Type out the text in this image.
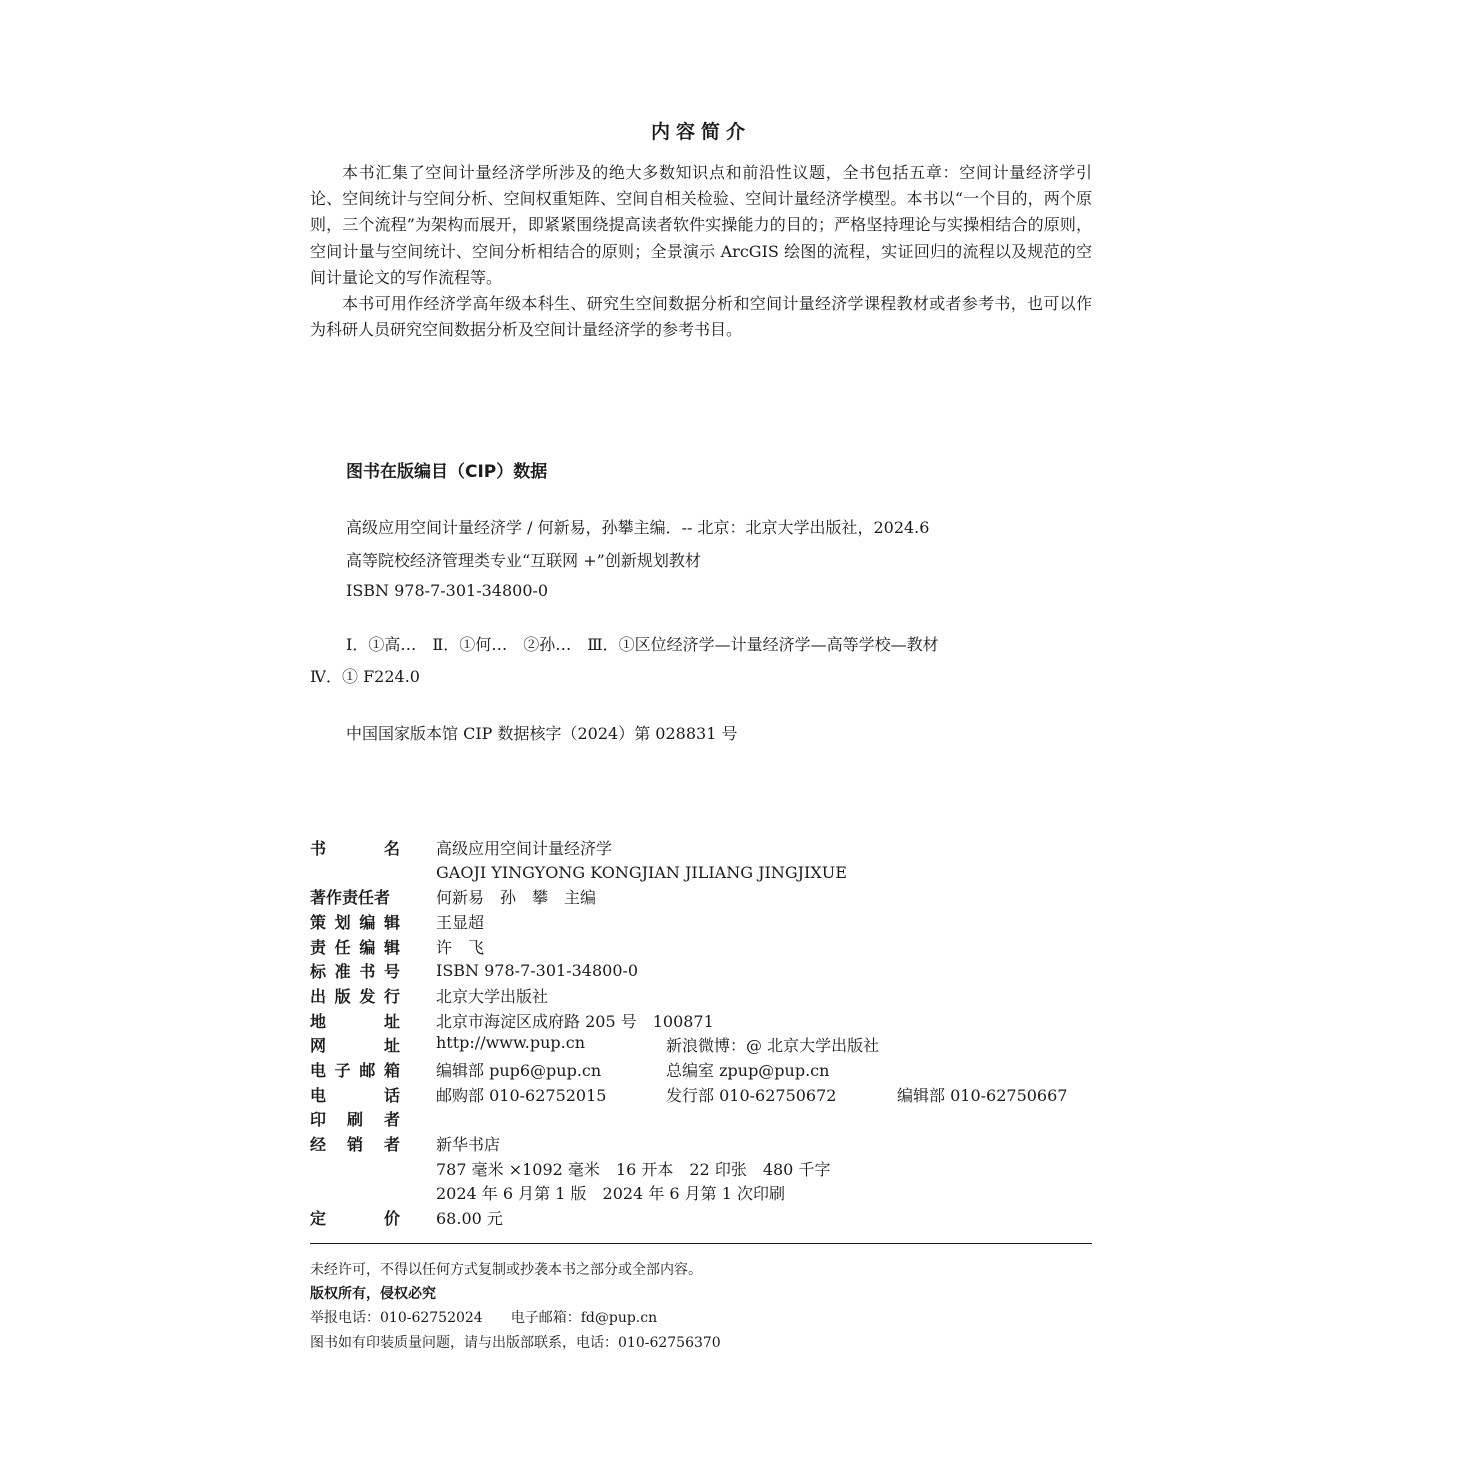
内容简介

本书汇集了空间计量经济学所涉及的绝大多数知识点和前沿性议题，全书包括五章：空间计量经济学引论、空间统计与空间分析、空间权重矩阵、空间自相关检验、空间计量经济学模型。本书以“一个目的，两个原则，三个流程”为架构而展开，即紧紧围绕提高读者软件实操能力的目的；严格坚持理论与实操相结合的原则，空间计量与空间统计、空间分析相结合的原则；全景演示 ArcGIS 绘图的流程，实证回归的流程以及规范的空间计量论文的写作流程等。

本书可用作经济学高年级本科生、研究生空间数据分析和空间计量经济学课程教材或者参考书，也可以作为科研人员研究空间数据分析及空间计量经济学的参考书目。

图书在版编目（CIP）数据
高级应用空间计量经济学 / 何新易，孙攀主编．-- 北京：北京大学出版社，2024.6
高等院校经济管理类专业“互联网 +”创新规划教材
ISBN 978-7-301-34800-0
Ⅰ．①高…　Ⅱ．①何…　②孙…　Ⅲ．①区位经济学—计量经济学—高等学校—教材
Ⅳ．① F224.0
中国国家版本馆 CIP 数据核字（2024）第 028831 号
书	名 高级应用空间计量经济学
GAOJI YINGYONG KONGJIAN JILIANG JINGJIXUE
著作责任者	何新易　孙　攀　主编
策 划 编 辑 王显超
责 任 编 辑 许　飞
标 准 书 号 ISBN 978-7-301-34800-0
出 版 发 行 北京大学出版社
地	址 北京市海淀区成府路 205 号　100871
网	址 http://www.pup.cn	新浪微博：@ 北京大学出版社
电 子 邮 箱 编辑部 pup6@pup.cn	总编室 zpup@pup.cn
电	话 邮购部 010-62752015	发行部 010-62750672	编辑部 010-62750667
印 刷 者
经 销 者 新华书店
787 毫米 ×1092 毫米　16 开本　22 印张　480 千字
2024 年 6 月第 1 版　2024 年 6 月第 1 次印刷
定	价 68.00 元
未经许可，不得以任何方式复制或抄袭本书之部分或全部内容。
版权所有，侵权必究
举报电话：010-62752024　　电子邮箱：fd@pup.cn
图书如有印装质量问题，请与出版部联系，电话：010-62756370
